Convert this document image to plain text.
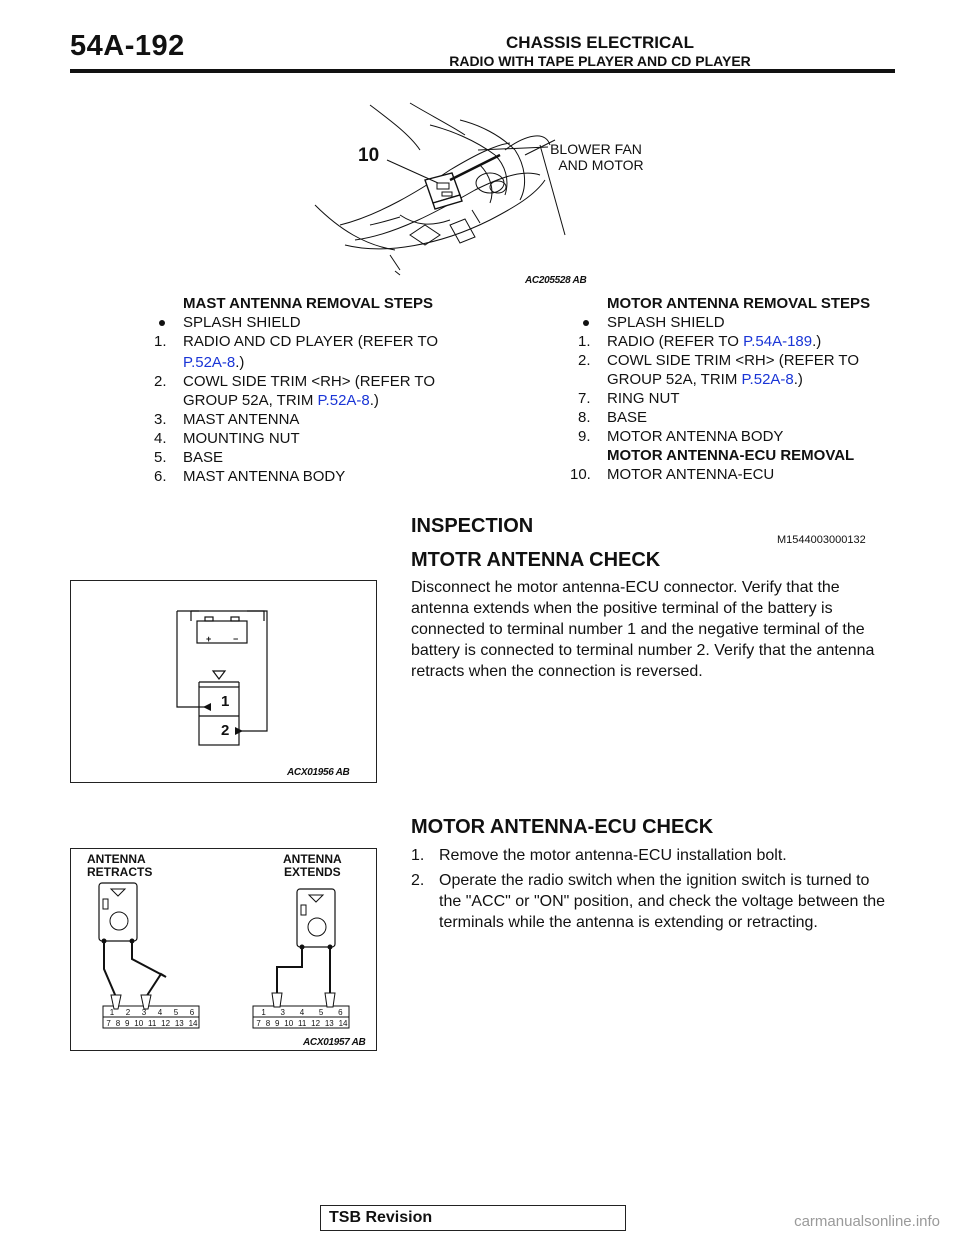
54A-192	CHASSIS ELECTRICAL
RADIO WITH TAPE PLAYER AND CD PLAYER
10	BLOWER FAN
AND MOTOR
AC205528 AB
MAST ANTENNA REMOVAL STEPS
SPLASH SHIELD
1. RADIO AND CD PLAYER (REFER TO
P.52A-8.)
2. COWL SIDE TRIM <RH> (REFER TO
GROUP 52A, TRIM P.52A-8.)
3. MAST ANTENNA
4. MOUNTING NUT
5. BASE
6. MAST ANTENNA BODY
MOTOR ANTENNA REMOVAL STEPS
SPLASH SHIELD
1. RADIO (REFER TO P.54A-189.)
2. COWL SIDE TRIM <RH> (REFER TO
GROUP 52A, TRIM P.52A-8.)
7. RING NUT
8. BASE
9. MOTOR ANTENNA BODY
MOTOR ANTENNA-ECU REMOVAL
10. MOTOR ANTENNA-ECU
INSPECTION
M1544003000132
MTOTR ANTENNA CHECK
Disconnect he motor antenna-ECU connector. Verify that the antenna extends when the positive terminal of the battery is connected to terminal number 1 and the negative terminal of the battery is connected to terminal number 2. Verify that the antenna retracts when the connection is reversed.
+ −
1
2
ACX01956 AB
MOTOR ANTENNA-ECU CHECK
1. Remove the motor antenna-ECU installation bolt.
2. Operate the radio switch when the ignition switch is turned to the "ACC" or "ON" position, and check the voltage between the terminals while the antenna is extending or retracting.
ANTENNA
RETRACTS
ANTENNA
EXTENDS
1 2 3 4 5 6
7 8 9 10 11 12 13 14
1 3 4 5 6
7 8 9 10 11 12 13 14
ACX01957 AB
TSB Revision	carmanualsonline.info
